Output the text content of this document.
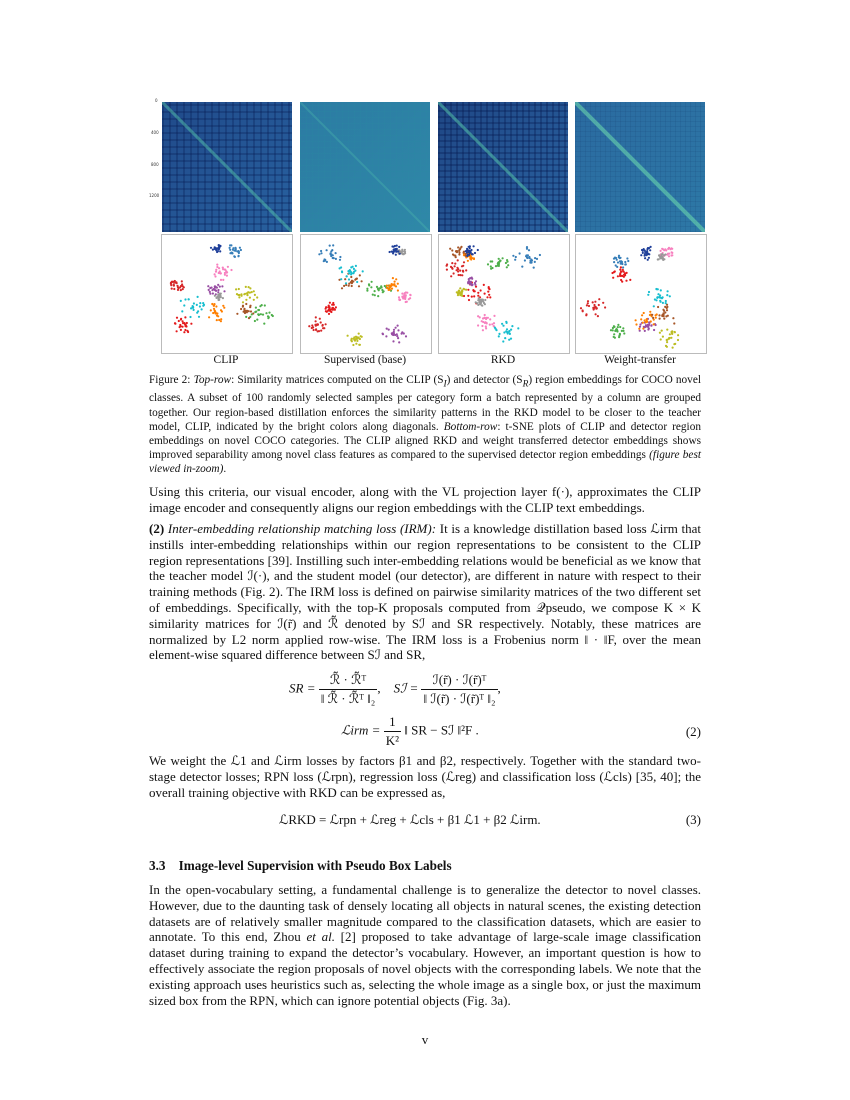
0
400
800
1200
CLIP	Supervised (base)	RKD	Weight-transfer
Figure 2: Top-row: Similarity matrices computed on the CLIP $(S_I)$ and detector $(S_R)$ region embeddings for COCO novel classes. A subset of 100 randomly selected samples per category form a batch represented by a column are grouped together. Our region-based distillation enforces the similarity patterns in the RKD model to be closer to the teacher model, CLIP, indicated by the bright colors along diagonals. Bottom-row: t-SNE plots of CLIP and detector region embeddings on novel COCO categories. The CLIP aligned RKD and weight transferred detector embeddings shows improved separability among novel class features as compared to the supervised detector region embeddings (figure best viewed in-zoom).
Using this criteria, our visual encoder, along with the VL projection layer f(·), approximates the CLIP image encoder and consequently aligns our region embeddings with the CLIP text embeddings.
(2) Inter-embedding relationship matching loss (IRM): It is a knowledge distillation based loss ℒirm that instills inter-embedding relationships within our region representations to be consistent to the CLIP region representations [39]. Instilling such inter-embedding relations would be beneficial as we know that the teacher model ℐ(·), and the student model (our detector), are different in nature with respect to their training methods (Fig. 2). The IRM loss is defined on pairwise similarity matrices of the two different set of embeddings. Specifically, with the top-K proposals computed from 𝒬pseudo, we compose K × K similarity matrices for ℐ(r̃) and ℛ̃ denoted by Sℐ and SR respectively. Notably, these matrices are normalized by L2 norm applied row-wise. The IRM loss is a Frobenius norm ‖ · ‖F, over the mean element-wise squared difference between Sℐ and SR,
SR = $\frac{\text{ℛ̃ · ℛ̃ᵀ}}{\text{‖ ℛ̃ · ℛ̃ᵀ ‖₂}}$ ,    Sℐ = $\frac{\text{ℐ(r̃) · ℐ(r̃)ᵀ}}{\text{‖ ℐ(r̃) · ℐ(r̃)ᵀ ‖₂}}$ ,
ℒirm = $\frac{1}{\text{K²}}$ ‖ SR − Sℐ ‖²F .	(2)
We weight the ℒ1 and ℒirm losses by factors β1 and β2, respectively. Together with the standard two-stage detector losses; RPN loss (ℒrpn), regression loss (ℒreg) and classification loss (ℒcls) [35, 40]; the overall training objective with RKD can be expressed as,
ℒRKD = ℒrpn + ℒreg + ℒcls + β1 ℒ1 + β2 ℒirm.	(3)
3.3 Image-level Supervision with Pseudo Box Labels
In the open-vocabulary setting, a fundamental challenge is to generalize the detector to novel classes. However, due to the daunting task of densely locating all objects in natural scenes, the existing detection datasets are of relatively smaller magnitude compared to the classification datasets, which are easier to annotate. To this end, Zhou et al. [2] proposed to take advantage of large-scale image classification dataset during training to expand the detector’s vocabulary. However, an important question is how to effectively associate the region proposals of novel objects with the corresponding labels. We note that the existing approach uses heuristics such as, selecting the whole image as a single box, or just the maximum sized box from the RPN, which can ignore potential objects (Fig. 3a).
v
